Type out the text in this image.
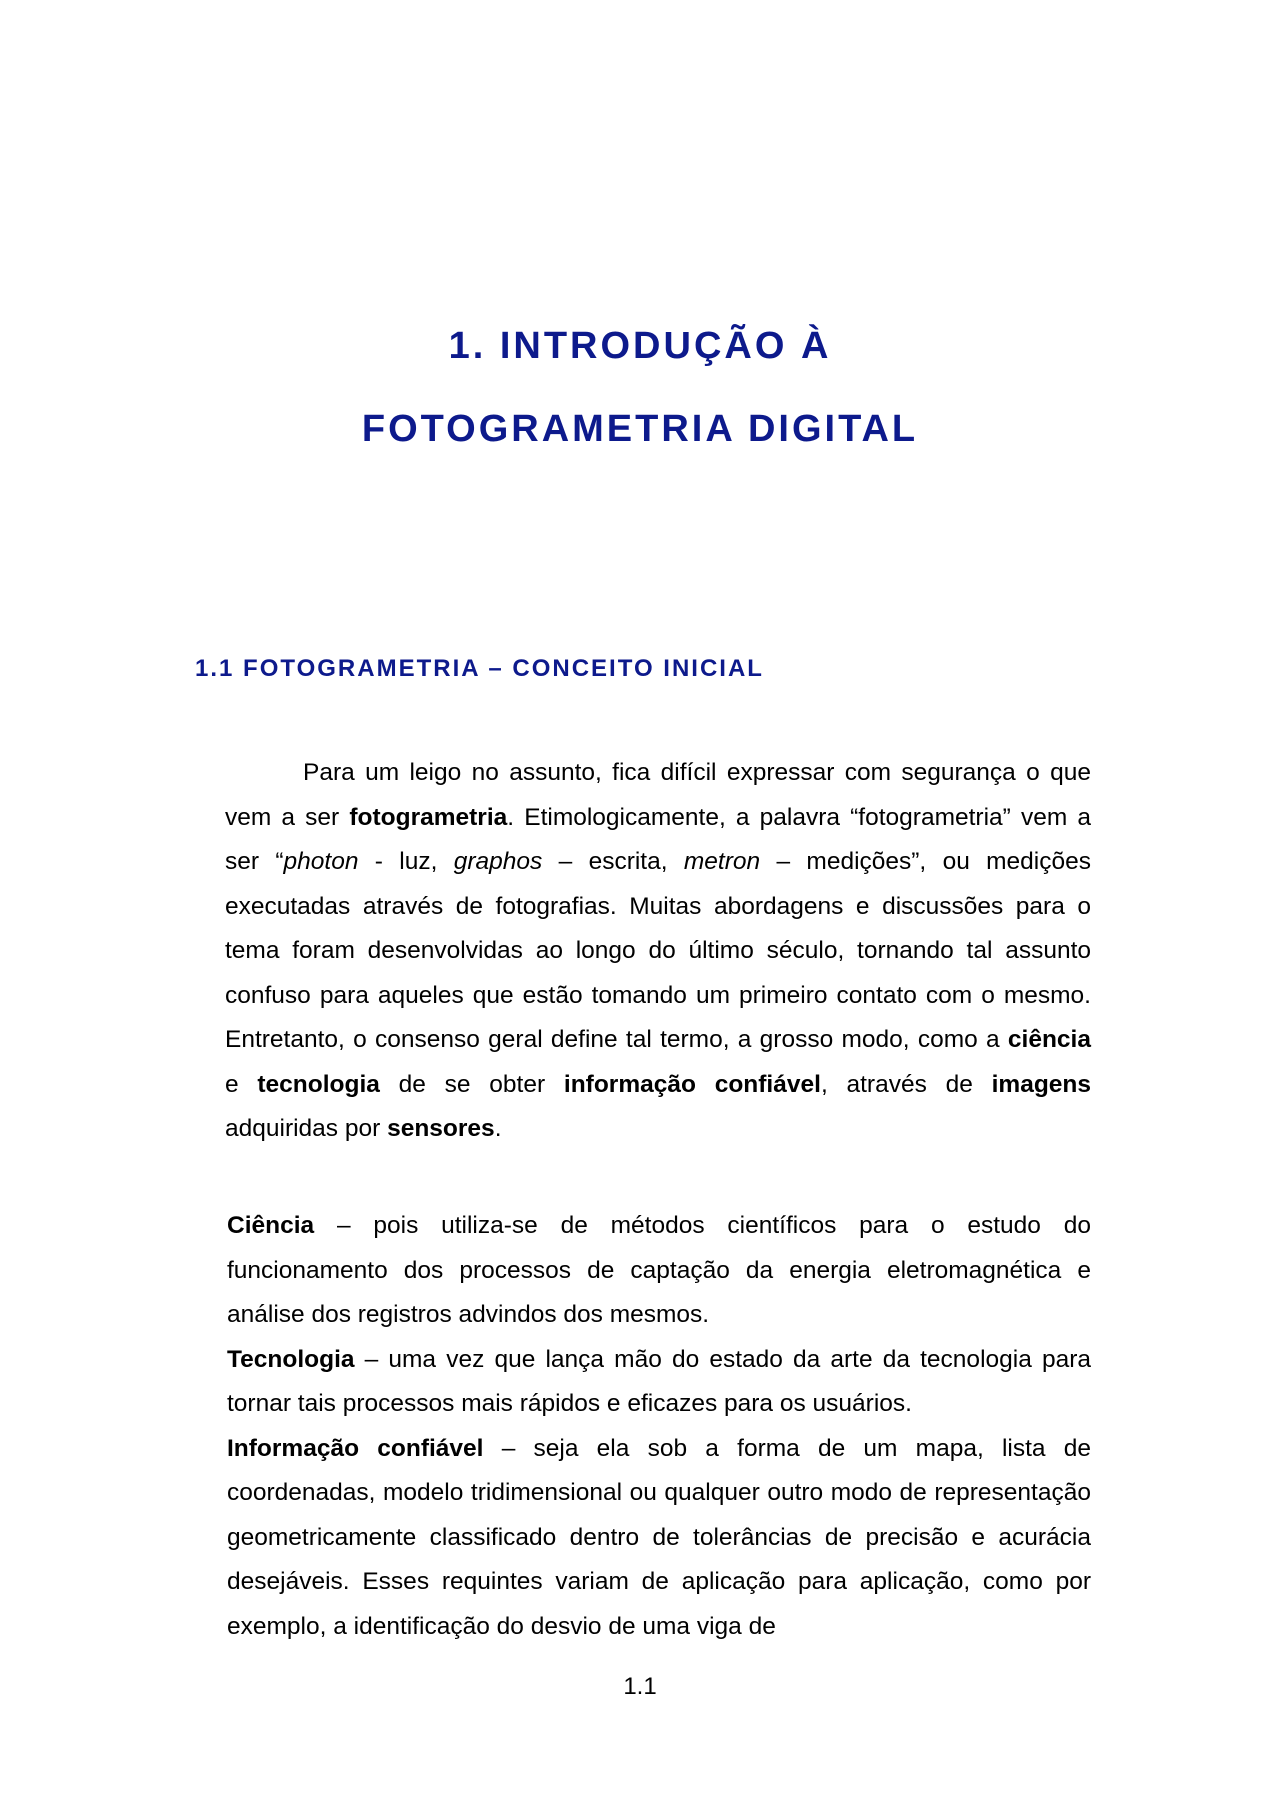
1. INTRODUÇÃO À
FOTOGRAMETRIA DIGITAL
1.1 FOTOGRAMETRIA – CONCEITO INICIAL

Para um leigo no assunto, fica difícil expressar com segurança o que vem a ser fotogrametria. Etimologicamente, a palavra “fotogrametria” vem a ser “photon - luz, graphos – escrita, metron – medições”, ou medições executadas através de fotografias. Muitas abordagens e discussões para o tema foram desenvolvidas ao longo do último século, tornando tal assunto confuso para aqueles que estão tomando um primeiro contato com o mesmo. Entretanto, o consenso geral define tal termo, a grosso modo, como a ciência e tecnologia de se obter informação confiável, através de imagens adquiridas por sensores.

Ciência – pois utiliza-se de métodos científicos para o estudo do funcionamento dos processos de captação da energia eletromagnética e análise dos registros advindos dos mesmos.

Tecnologia – uma vez que lança mão do estado da arte da tecnologia para tornar tais processos mais rápidos e eficazes para os usuários.

Informação confiável – seja ela sob a forma de um mapa, lista de coordenadas, modelo tridimensional ou qualquer outro modo de representação geometricamente classificado dentro de tolerâncias de precisão e acurácia desejáveis. Esses requintes variam de aplicação para aplicação, como por exemplo, a identificação do desvio de uma viga de

1.1
